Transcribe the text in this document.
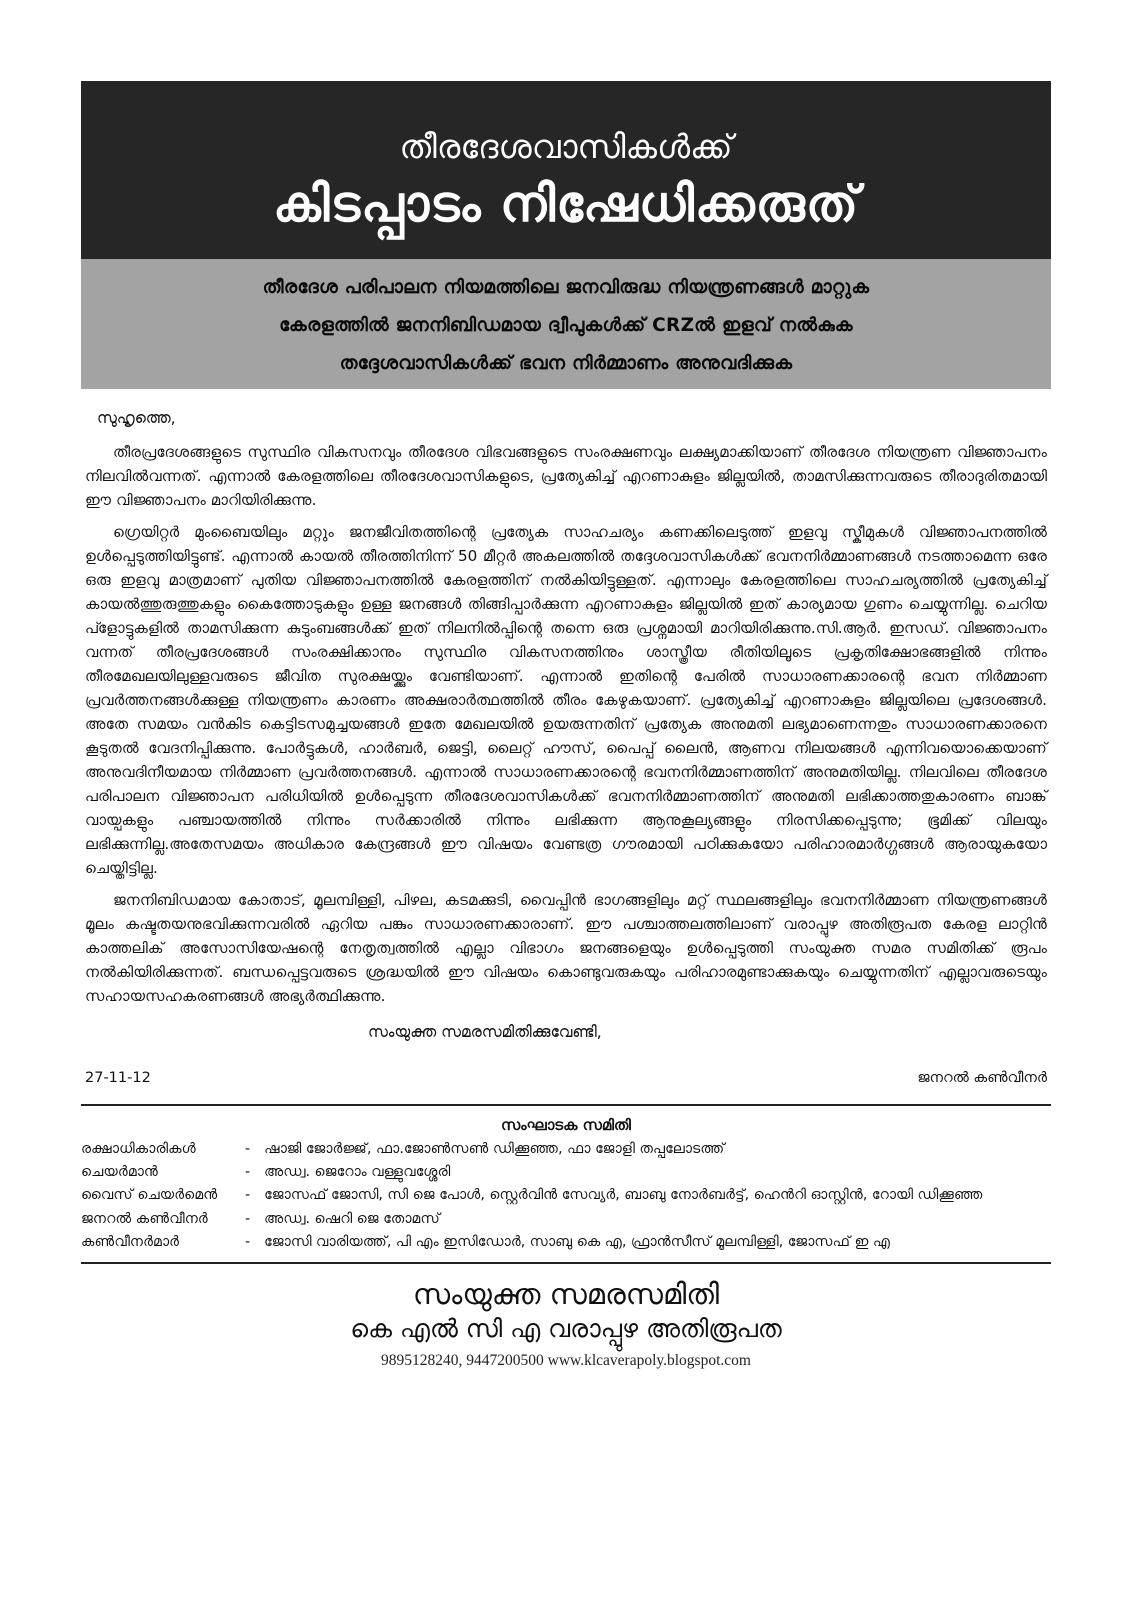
തീരദേശവാസികൾക്ക്
കിടപ്പാടം നിഷേധിക്കരുത്
തീരദേശ പരിപാലന നിയമത്തിലെ ജനവിരുദ്ധ നിയന്ത്രണങ്ങൾ മാറ്റുക
കേരളത്തിൽ ജനനിബിഡമായ ദ്വീപുകൾക്ക് CRZൽ ഇളവ് നൽകുക
തദ്ദേശവാസികൾക്ക് ഭവന നിർമ്മാണം അനുവദിക്കുക
സുഹൃത്തെ,

തീരപ്രദേശങ്ങളുടെ സുസ്ഥിര വികസനവും തീരദേശ വിഭവങ്ങളുടെ സംരക്ഷണവും ലക്ഷ്യമാക്കിയാണ് തീരദേശ നിയന്ത്രണ വിജ്ഞാപനം നിലവിൽവന്നത്. എന്നാൽ കേരളത്തിലെ തീരദേശവാസികളുടെ, പ്രത്യേകിച്ച് എറണാകുളം ജില്ലയിൽ, താമസിക്കുന്നവരുടെ തീരാദുരിതമായി ഈ വിജ്ഞാപനം മാറിയിരിക്കുന്നു.

ഗ്രെയിറ്റർ മുംബൈയിലും മറ്റും ജനജീവിതത്തിന്റെ പ്രത്യേക സാഹചര്യം കണക്കിലെടുത്ത് ഇളവു സ്കീമുകൾ വിജ്ഞാപനത്തിൽ ഉൾപ്പെടുത്തിയിട്ടുണ്ട്. എന്നാൽ കായൽ തീരത്തിനിന്ന് 50 മീറ്റർ അകലത്തിൽ തദ്ദേശവാസികൾക്ക് ഭവനനിർമ്മാണങ്ങൾ നടത്താമെന്ന ഒരേ ഒരു ഇളവു മാത്രമാണ് പുതിയ വിജ്ഞാപനത്തിൽ കേരളത്തിന് നൽകിയിട്ടുള്ളത്. എന്നാലും കേരളത്തിലെ സാഹചര്യത്തിൽ പ്രത്യേകിച്ച് കായൽത്തുരുത്തുകളും കൈത്തോടുകളും ഉള്ള ജനങ്ങൾ തിങ്ങിപ്പാർക്കുന്ന എറണാകുളം ജില്ലയിൽ ഇത് കാര്യമായ ഗുണം ചെയ്യുന്നില്ല. ചെറിയ പ്ളോട്ടുകളിൽ താമസിക്കുന്ന കുടുംബങ്ങൾക്ക് ഇത് നിലനിൽപ്പിന്റെ തന്നെ ഒരു പ്രശ്നമായി മാറിയിരിക്കുന്നു.സി.ആർ. ഇസഡ്. വിജ്ഞാപനം വന്നത് തീരപ്രദേശങ്ങൾ സംരക്ഷിക്കാനും സുസ്ഥിര വികസനത്തിനും ശാസ്ത്രീയ രീതിയിലൂടെ പ്രകൃതിക്ഷോഭങ്ങളിൽ നിന്നും തീരമേഖലയിലുള്ളവരുടെ ജീവിത സുരക്ഷയ്ക്കും വേണ്ടിയാണ്. എന്നാൽ ഇതിന്റെ പേരിൽ സാധാരണക്കാരന്റെ ഭവന നിർമ്മാണ പ്രവർത്തനങ്ങൾക്കുള്ള നിയന്ത്രണം കാരണം അക്ഷരാർത്ഥത്തിൽ തീരം കേഴുകയാണ്. പ്രത്യേകിച്ച് എറണാകുളം ജില്ലയിലെ പ്രദേശങ്ങൾ. അതേ സമയം വൻകിട കെട്ടിടസമുച്ചയങ്ങൾ ഇതേ മേഖലയിൽ ഉയരുന്നതിന് പ്രത്യേക അനുമതി ലഭ്യമാണെന്നതും സാധാരണക്കാരനെ കൂടുതൽ വേദനിപ്പിക്കുന്നു. പോർട്ടുകൾ, ഹാർബർ, ജെട്ടി, ലൈറ്റ് ഹൗസ്, പൈപ്പ് ലൈൻ, ആണവ നിലയങ്ങൾ എന്നിവയൊക്കെയാണ് അനുവദിനീയമായ നിർമ്മാണ പ്രവർത്തനങ്ങൾ. എന്നാൽ സാധാരണക്കാരന്റെ ഭവനനിർമ്മാണത്തിന് അനുമതിയില്ല. നിലവിലെ തീരദേശ പരിപാലന വിജ്ഞാപന പരിധിയിൽ ഉൾപ്പെടുന്ന തീരദേശവാസികൾക്ക് ഭവനനിർമ്മാണത്തിന് അനുമതി ലഭിക്കാത്തതുകാരണം ബാങ്ക് വായ്പകളും പഞ്ചായത്തിൽ നിന്നും സർക്കാരിൽ നിന്നും ലഭിക്കുന്ന ആനുകൂല്യങ്ങളും നിരസിക്കപ്പെടുന്നു; ഭൂമിക്ക് വിലയും ലഭിക്കുന്നില്ല.അതേസമയം അധികാര കേന്ദ്രങ്ങൾ ഈ വിഷയം വേണ്ടത്ര ഗൗരമായി പഠിക്കുകയോ പരിഹാരമാർഗ്ഗങ്ങൾ ആരായുകയോ ചെയ്തിട്ടില്ല.

ജനനിബിഡമായ കോതാട്, മൂലമ്പിള്ളി, പിഴല, കടമക്കുടി, വൈപ്പിൻ ഭാഗങ്ങളിലും മറ്റ് സ്ഥലങ്ങളിലും ഭവനനിർമ്മാണ നിയന്ത്രണങ്ങൾ മൂലം കഷ്ടതയനുഭവിക്കുന്നവരിൽ ഏറിയ പങ്കും സാധാരണക്കാരാണ്. ഈ പശ്ചാത്തലത്തിലാണ് വരാപ്പുഴ അതിരൂപത കേരള ലാറ്റിൻ കാത്തലിക് അസോസിയേഷന്റെ നേതൃത്വത്തിൽ എല്ലാ വിഭാഗം ജനങ്ങളെയും ഉൾപ്പെടുത്തി സംയുക്ത സമര സമിതിക്ക് രൂപം നൽകിയിരിക്കുന്നത്. ബന്ധപ്പെട്ടവരുടെ ശ്രദ്ധയിൽ ഈ വിഷയം കൊണ്ടുവരുകയും പരിഹാരമുണ്ടാക്കുകയും ചെയ്യുന്നതിന് എല്ലാവരുടെയും സഹായസഹകരണങ്ങൾ അഭ്യർത്ഥിക്കുന്നു.

സംയുക്ത സമരസമിതിക്കുവേണ്ടി,
27-11-12	ജനറൽ കൺവീനർ
സംഘാടക സമിതി
രക്ഷാധികാരികൾ	- ഷാജി ജോർജ്ജ്, ഫാ.ജോൺസൺ ഡിക്കൂഞ്ഞ, ഫാ ജോളി തപ്പലോടത്ത്
ചെയർമാൻ	- അഡ്വ. ജെറോം വള്ളുവശ്ശേരി
വൈസ് ചെയർമെൻ	- ജോസഫ് ജോസി, സി ജെ പോൾ, സ്റ്റെർവിൻ സേവ്യർ, ബാബു നോർബർട്ട്, ഹെൻറി ഓസ്റ്റിൻ, റോയി ഡിക്കൂഞ്ഞ
ജനറൽ കൺവീനർ	- അഡ്വ. ഷെറി ജെ തോമസ്
കൺവീനർമാർ	- ജോസി വാരിയത്ത്, പി എം ഇസിഡോർ, സാബു കെ എ, ഫ്രാൻസീസ് മൂലമ്പിള്ളി, ജോസഫ് ഇ എ
സംയുക്ത സമരസമിതി
കെ എൽ സി എ വരാപ്പുഴ അതിരൂപത
9895128240, 9447200500 www.klcaverapoly.blogspot.com
